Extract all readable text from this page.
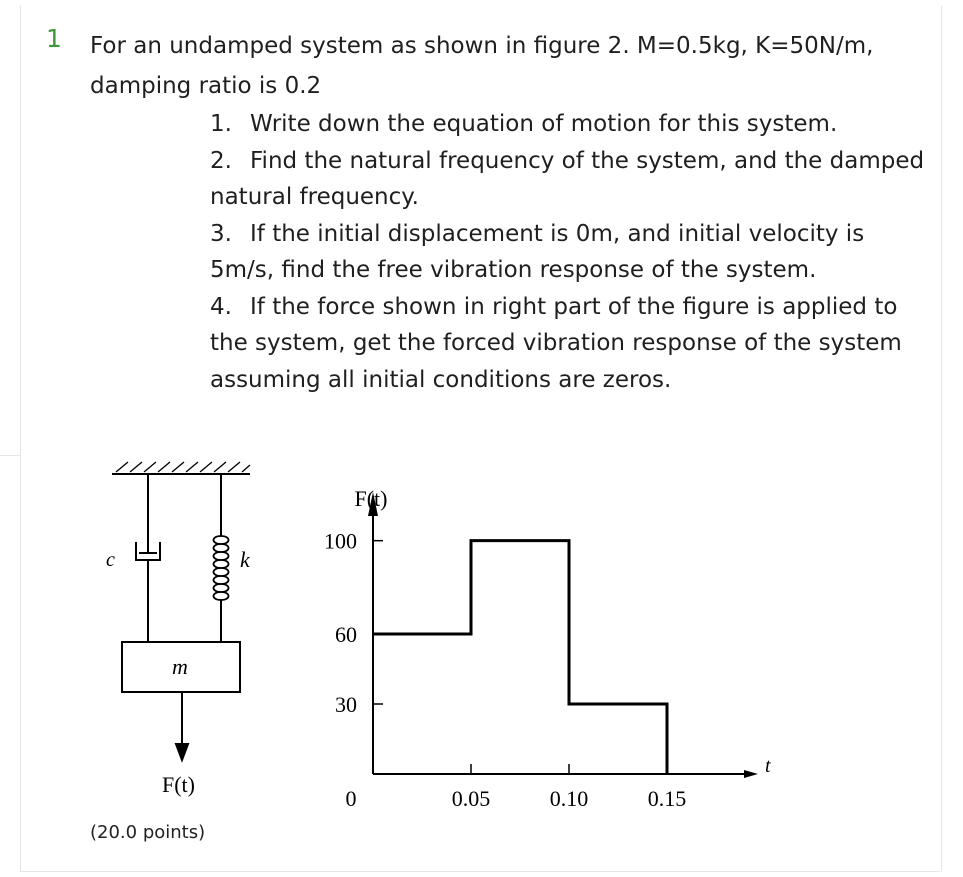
1 For an undamped system as shown in figure 2. M=0.5kg, K=50N/m, damping ratio is 0.2
1. Write down the equation of motion for this system.
2. Find the natural frequency of the system, and the damped natural frequency.
3. If the initial displacement is 0m, and initial velocity is 5m/s, find the free vibration response of the system.
4. If the force shown in right part of the figure is applied to the system, get the forced vibration response of the system assuming all initial conditions are zeros.
c	k
m
F(t)
100
60
30
0.05	0.10	0.15
0
F(t)
t
(20.0 points)
